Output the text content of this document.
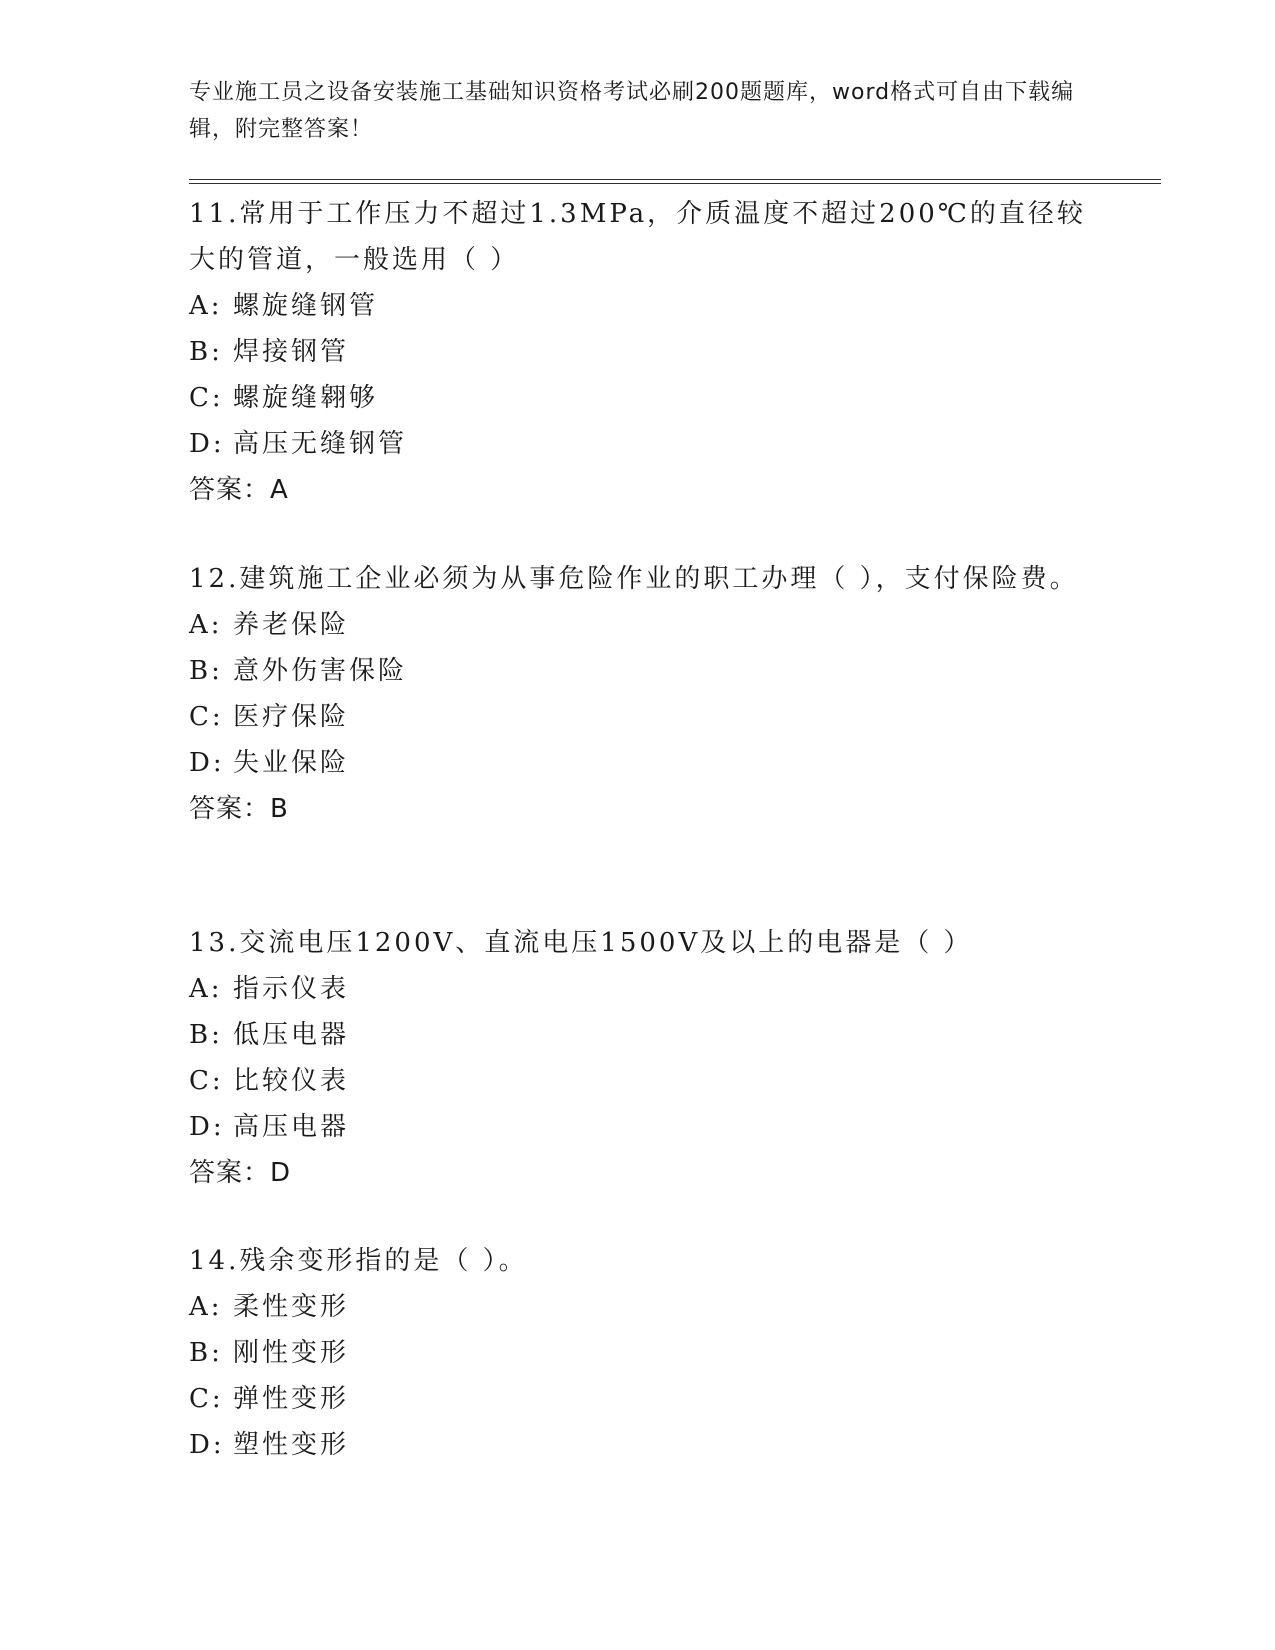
专业施工员之设备安装施工基础知识资格考试必刷200题题库，word格式可自由下载编辑，附完整答案！

11.常用于工作压力不超过1.3MPa，介质温度不超过200℃的直径较大的管道，一般选用（ ）

A: 螺旋缝钢管

B: 焊接钢管

C: 螺旋缝翱够

D: 高压无缝钢管

答案：A

12.建筑施工企业必须为从事危险作业的职工办理（ ），支付保险费。

A: 养老保险

B: 意外伤害保险

C: 医疗保险

D: 失业保险

答案：B

13.交流电压1200V、直流电压1500V及以上的电器是（ ）

A: 指示仪表

B: 低压电器

C: 比较仪表

D: 高压电器

答案：D

14.残余变形指的是（ ）。

A: 柔性变形

B: 刚性变形

C: 弹性变形

D: 塑性变形
